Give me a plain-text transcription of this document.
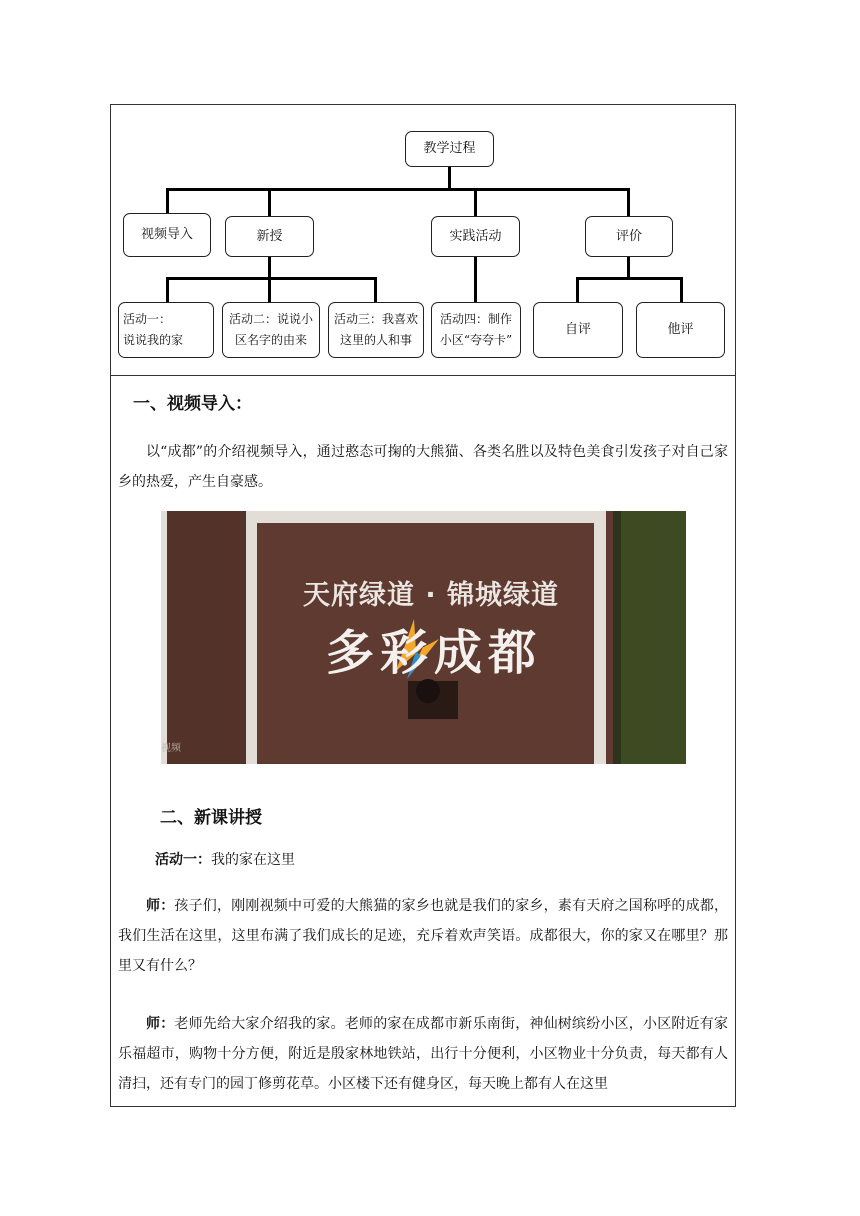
教学过程
视频导入	新授	实践活动	评价
活动一：
说说我的家
活动二：说说小区名字的由来
活动三：我喜欢这里的人和事
活动四：制作小区“夸夸卡”
自评	他评
一、视频导入：
以“成都”的介绍视频导入，通过憨态可掬的大熊猫、各类名胜以及特色美食引发孩子对自己家乡的热爱，产生自豪感。
天府绿道 · 锦城绿道
多彩成都
视频
二、新课讲授
活动一：我的家在这里
师：孩子们，刚刚视频中可爱的大熊猫的家乡也就是我们的家乡，素有天府之国称呼的成都，我们生活在这里，这里布满了我们成长的足迹，充斥着欢声笑语。成都很大，你的家又在哪里？那里又有什么？
师：老师先给大家介绍我的家。老师的家在成都市新乐南街，神仙树缤纷小区，小区附近有家乐福超市，购物十分方便，附近是殷家林地铁站，出行十分便利，小区物业十分负责，每天都有人清扫，还有专门的园丁修剪花草。小区楼下还有健身区，每天晚上都有人在这里
